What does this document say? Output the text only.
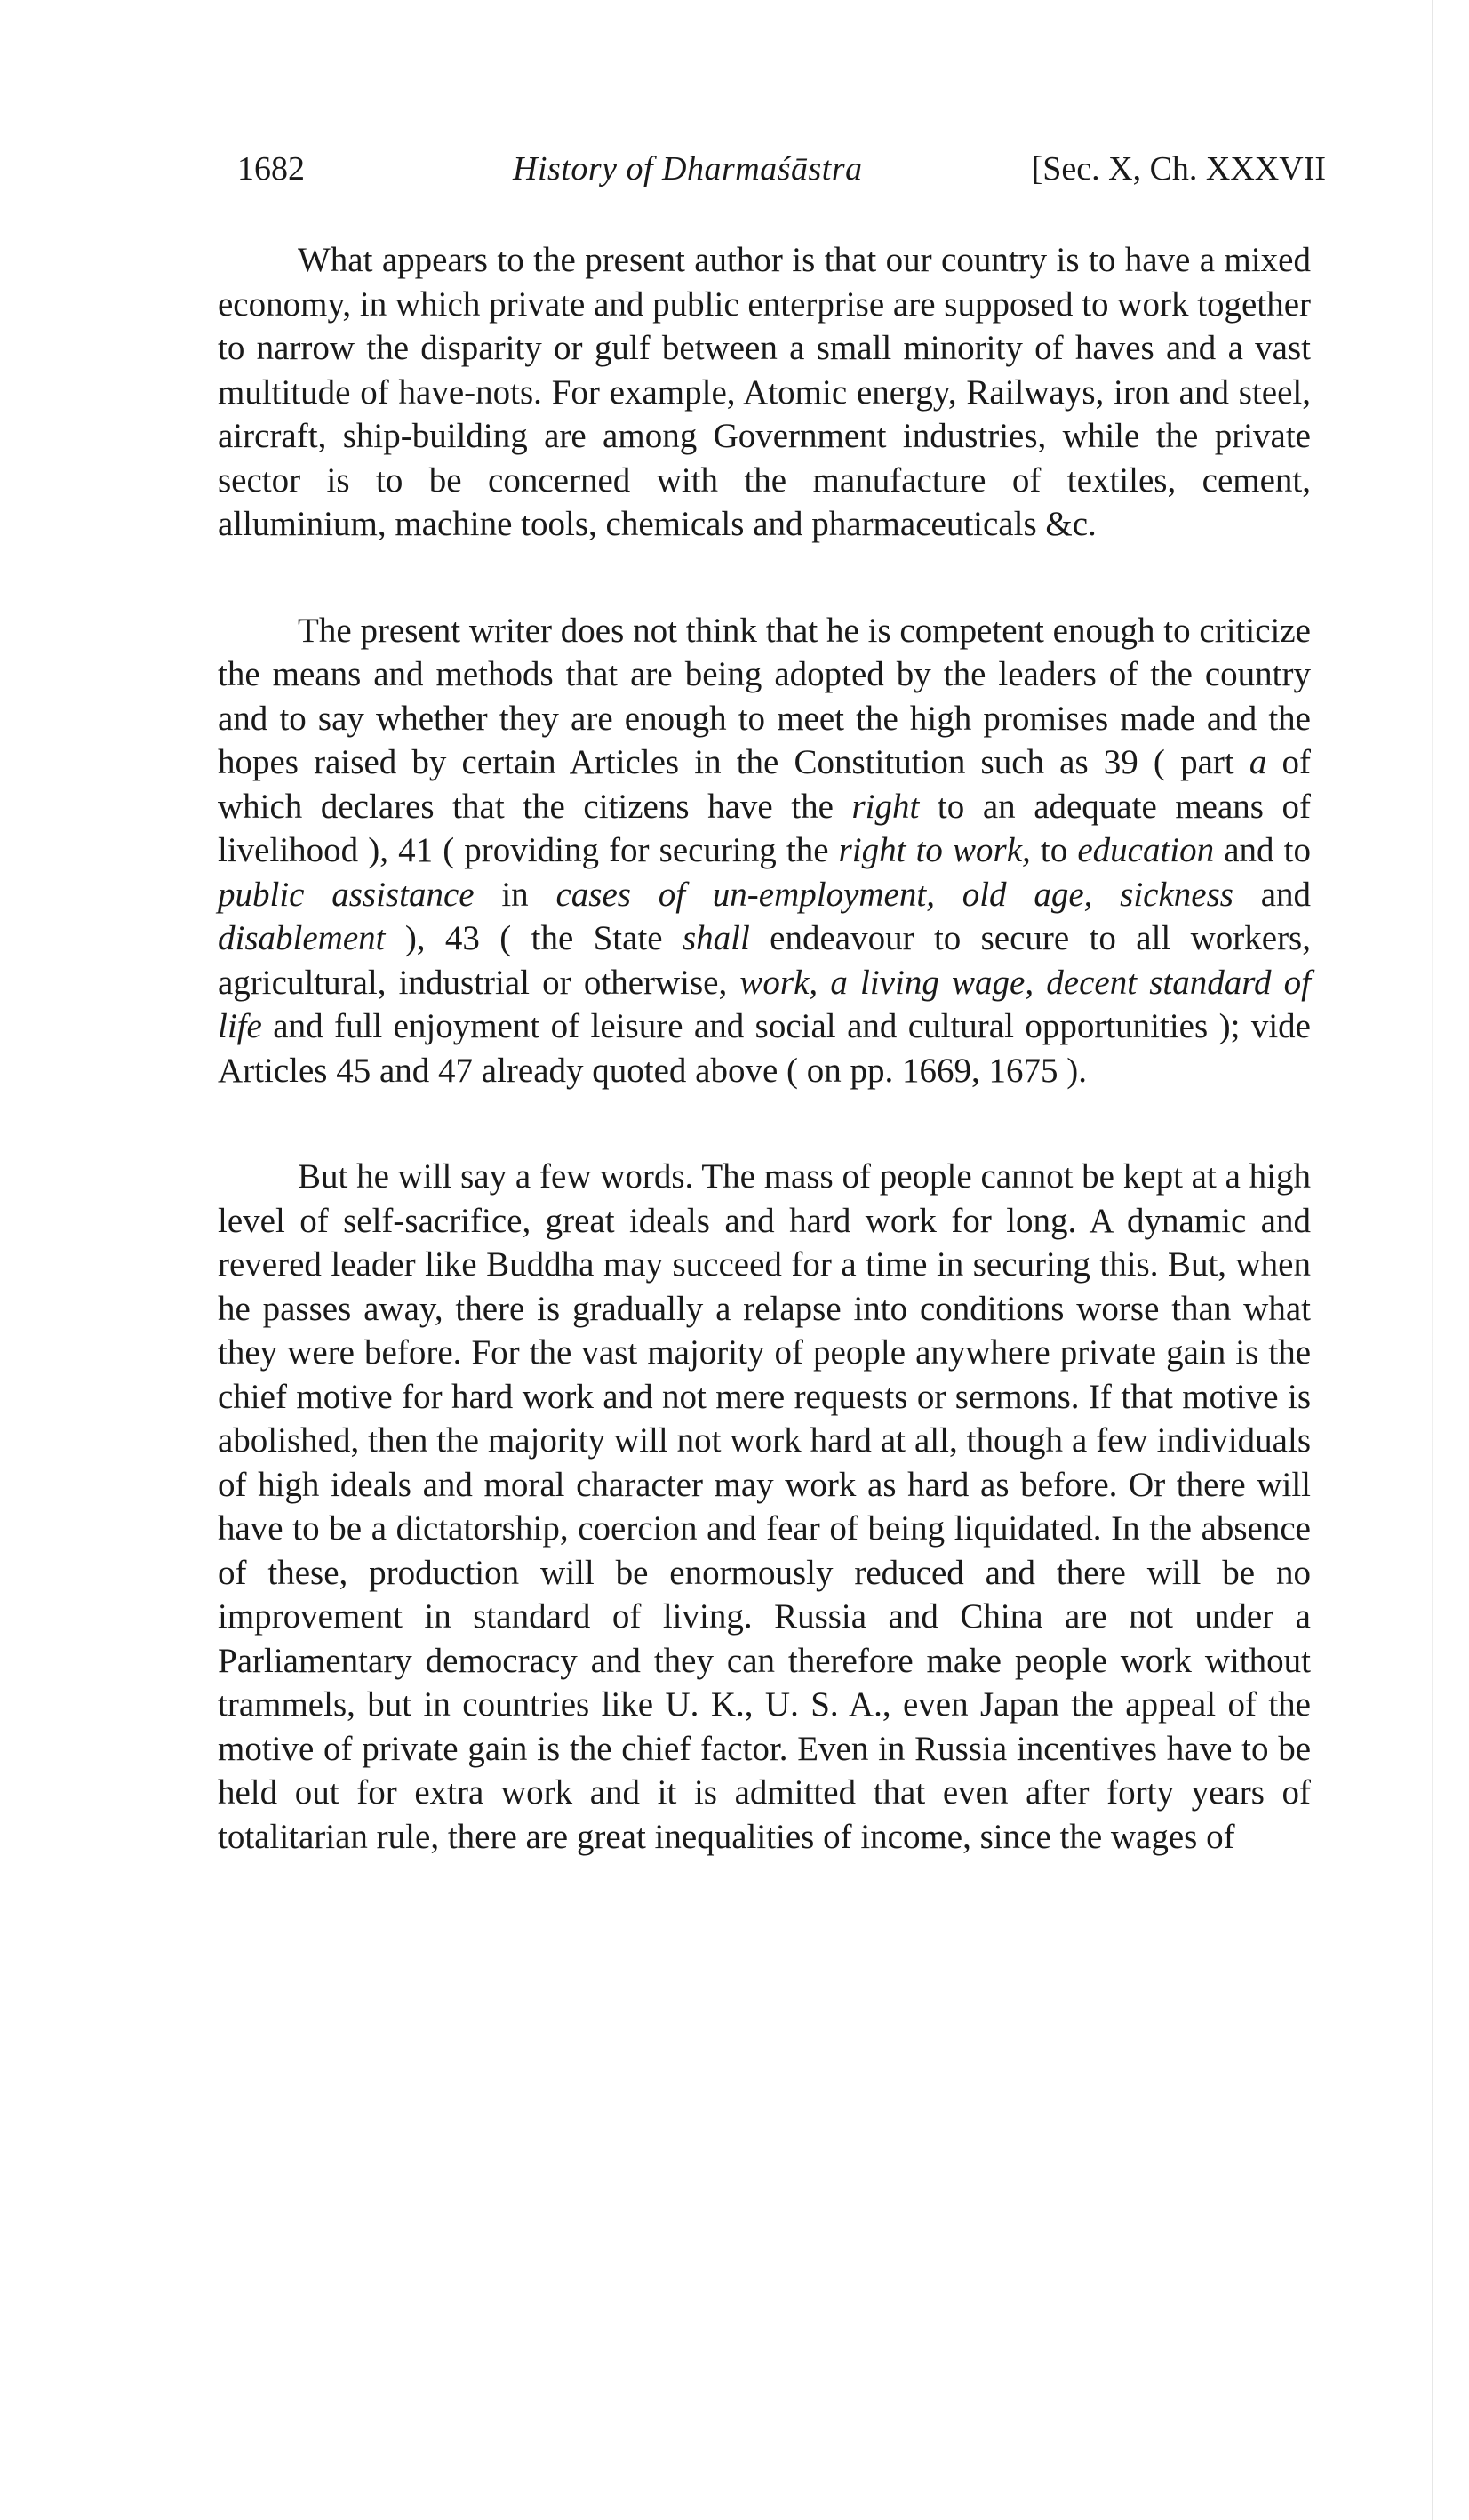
1682	History of Dharmaśāstra	[Sec. X, Ch. XXXVII

What appears to the present author is that our country is to have a mixed economy, in which private and public enterprise are supposed to work together to narrow the disparity or gulf between a small minority of haves and a vast multitude of have-nots. For example, Atomic energy, Railways, iron and steel, aircraft, ship-building are among Government industries, while the private sector is to be concerned with the manufacture of textiles, cement, alluminium, machine tools, chemicals and pharmaceuticals &c.

The present writer does not think that he is competent enough to criticize the means and methods that are being adopted by the leaders of the country and to say whether they are enough to meet the high promises made and the hopes raised by certain Articles in the Constitution such as 39 ( part a of which declares that the citizens have the right to an adequate means of livelihood ), 41 ( providing for securing the right to work, to education and to public assistance in cases of un-employment, old age, sickness and disablement ), 43 ( the State shall endeavour to secure to all workers, agricultural, industrial or otherwise, work, a living wage, decent standard of life and full enjoyment of leisure and social and cultural opportunities ); vide Articles 45 and 47 already quoted above ( on pp. 1669, 1675 ).

But he will say a few words. The mass of people cannot be kept at a high level of self-sacrifice, great ideals and hard work for long. A dynamic and revered leader like Buddha may succeed for a time in securing this. But, when he passes away, there is gradually a relapse into conditions worse than what they were before. For the vast majority of people anywhere private gain is the chief motive for hard work and not mere requests or sermons. If that motive is abolished, then the majority will not work hard at all, though a few individuals of high ideals and moral character may work as hard as before. Or there will have to be a dictatorship, coercion and fear of being liquidated. In the absence of these, production will be enormously reduced and there will be no improvement in standard of living. Russia and China are not under a Parliamentary democracy and they can therefore make people work without trammels, but in countries like U. K., U. S. A., even Japan the appeal of the motive of private gain is the chief factor. Even in Russia incentives have to be held out for extra work and it is admitted that even after forty years of totalitarian rule, there are great inequalities of income, since the wages of
